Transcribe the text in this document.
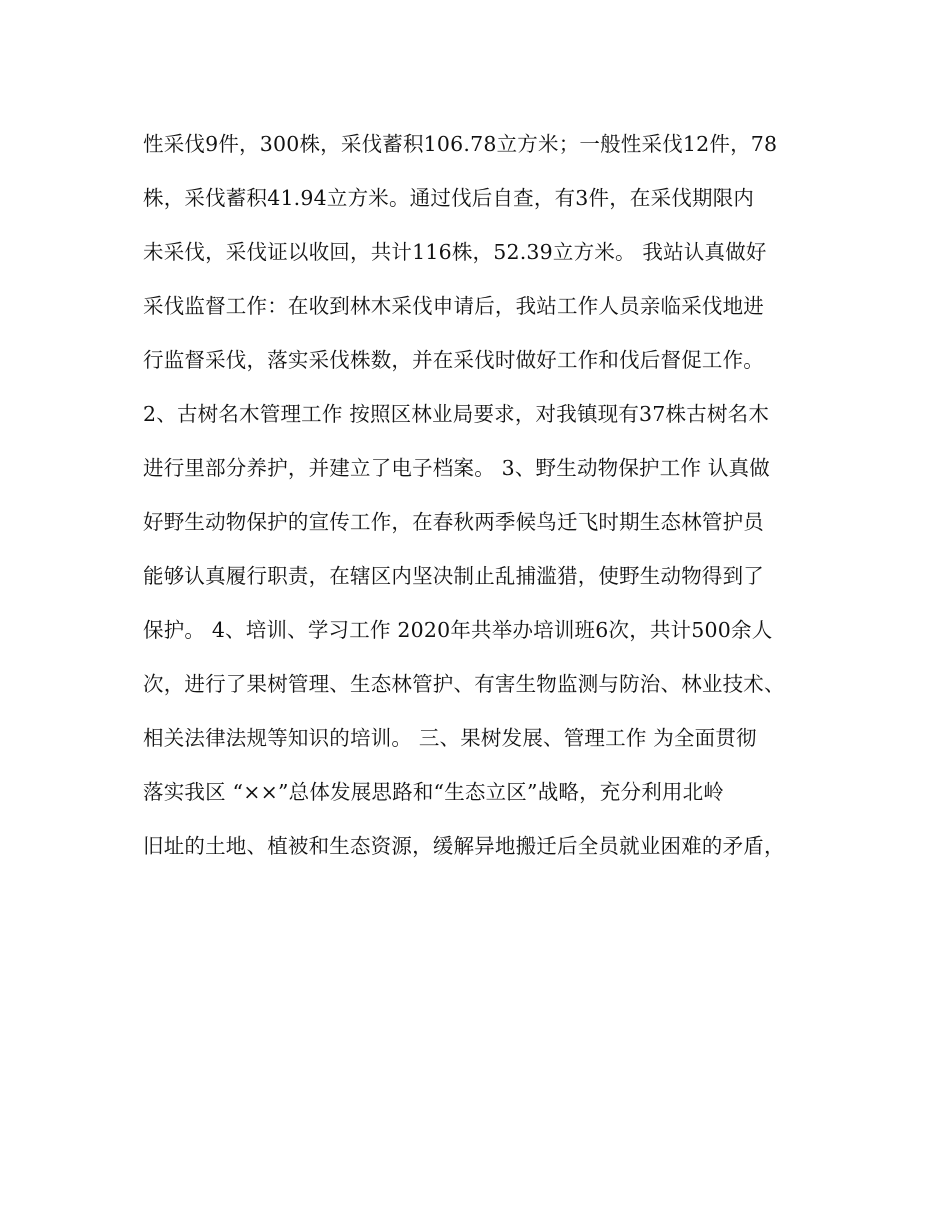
性采伐9件，300株，采伐蓄积106.78立方米；一般性采伐12件，78
株，采伐蓄积41.94立方米。通过伐后自查，有3件，在采伐期限内
未采伐，采伐证以收回，共计116株，52.39立方米。 我站认真做好
采伐监督工作：在收到林木采伐申请后，我站工作人员亲临采伐地进
行监督采伐，落实采伐株数，并在采伐时做好工作和伐后督促工作。
2、古树名木管理工作 按照区林业局要求，对我镇现有37株古树名木
进行里部分养护，并建立了电子档案。 3、野生动物保护工作 认真做
好野生动物保护的宣传工作，在春秋两季候鸟迁飞时期生态林管护员
能够认真履行职责，在辖区内坚决制止乱捕滥猎，使野生动物得到了
保护。 4、培训、学习工作 2020年共举办培训班6次，共计500余人
次，进行了果树管理、生态林管护、有害生物监测与防治、林业技术、
相关法律法规等知识的培训。 三、果树发展、管理工作 为全面贯彻
落实我区 “××”总体发展思路和“生态立区”战略，充分利用北岭
旧址的土地、植被和生态资源，缓解异地搬迁后全员就业困难的矛盾，
